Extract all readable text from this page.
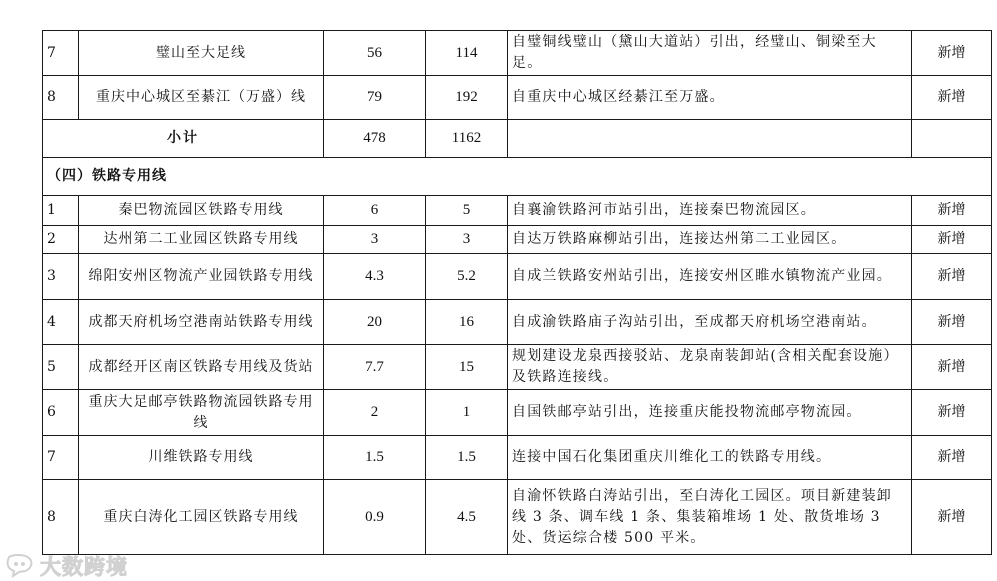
7	璧山至大足线	56	114	自璧铜线璧山（黛山大道站）引出，经璧山、铜梁至大足。	新增
8	重庆中心城区至綦江（万盛）线	79	192	自重庆中心城区经綦江至万盛。	新增
小计		478	1162		
（四）铁路专用线					
1	秦巴物流园区铁路专用线	6	5	自襄渝铁路河市站引出，连接秦巴物流园区。	新增
2	达州第二工业园区铁路专用线	3	3	自达万铁路麻柳站引出，连接达州第二工业园区。	新增
3	绵阳安州区物流产业园铁路专用线	4.3	5.2	自成兰铁路安州站引出，连接安州区睢水镇物流产业园。	新增
4	成都天府机场空港南站铁路专用线	20	16	自成渝铁路庙子沟站引出，至成都天府机场空港南站。	新增
5	成都经开区南区铁路专用线及货站	7.7	15	规划建设龙泉西接驳站、龙泉南装卸站(含相关配套设施）及铁路连接线。	新增
6	重庆大足邮亭铁路物流园铁路专用线	2	1	自国铁邮亭站引出，连接重庆能投物流邮亭物流园。	新增
7	川维铁路专用线	1.5	1.5	连接中国石化集团重庆川维化工的铁路专用线。	新增
8	重庆白涛化工园区铁路专用线	0.9	4.5	自渝怀铁路白涛站引出，至白涛化工园区。项目新建装卸线 3 条、调车线 1 条、集装箱堆场 1 处、散货堆场 3 处、货运综合楼 500 平米。	新增
大数跨境
